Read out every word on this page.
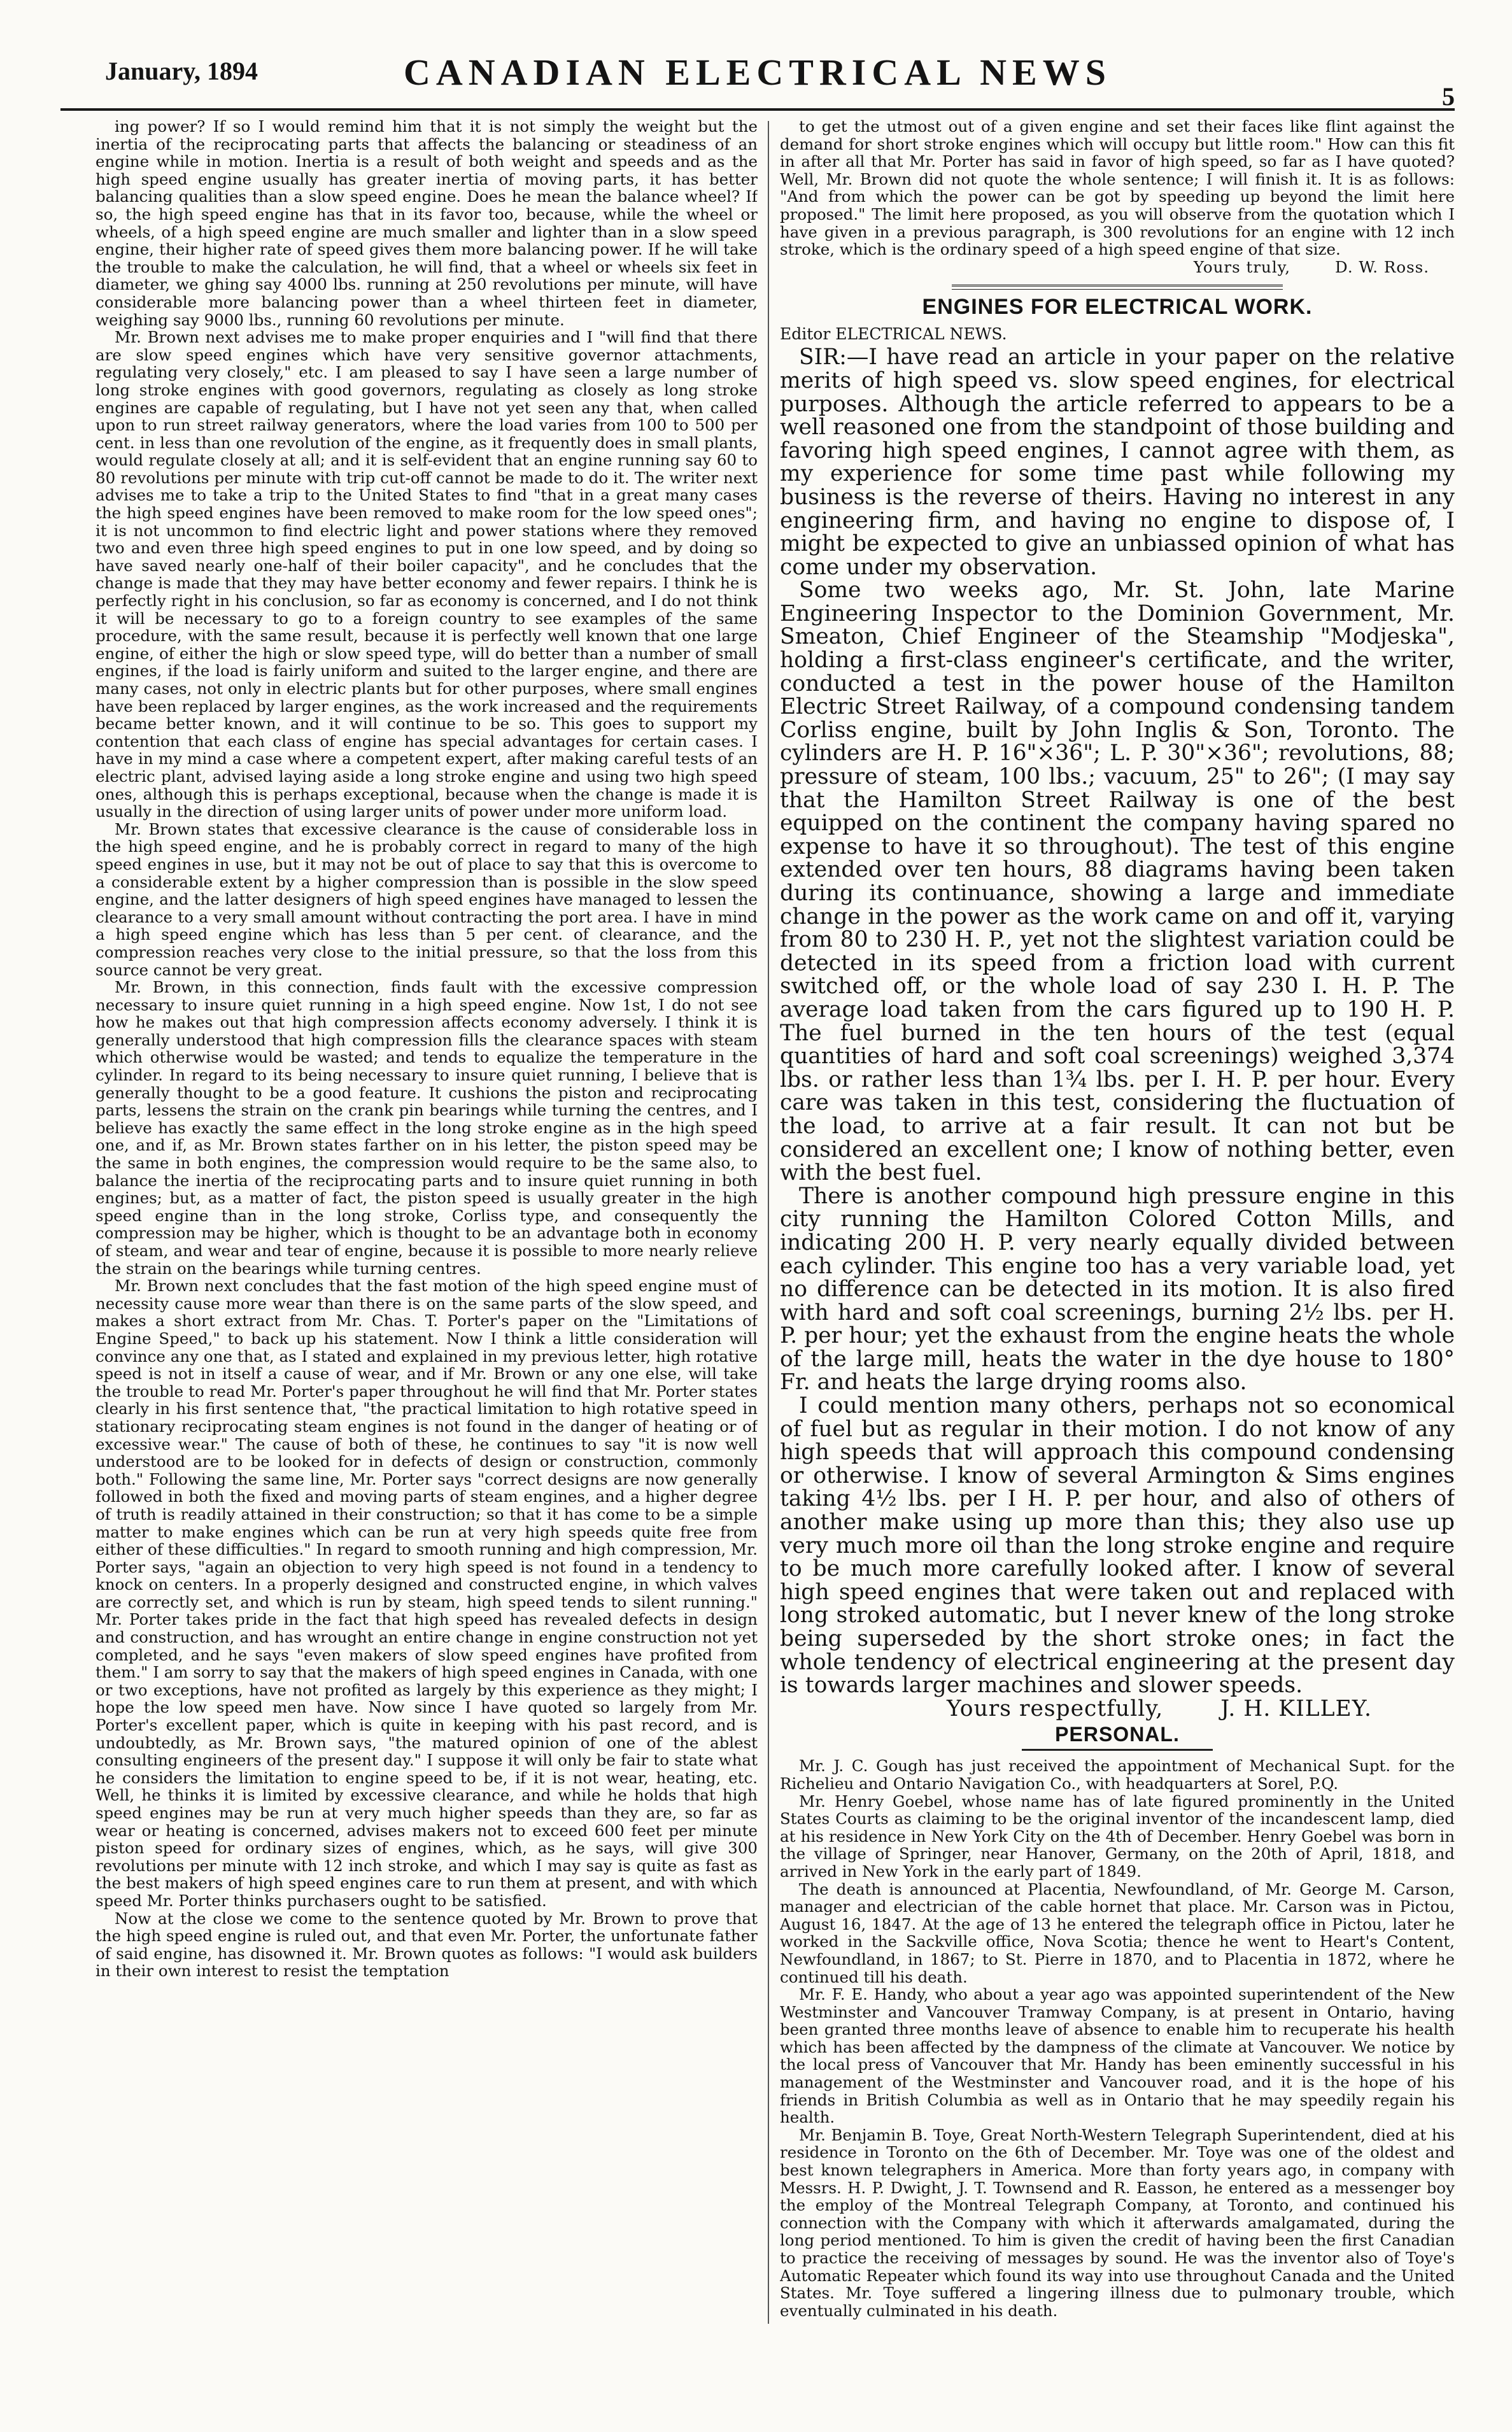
January, 1894	CANADIAN ELECTRICAL NEWS
5

ing power? If so I would remind him that it is not simply the weight but the inertia of the reciprocating parts that affects the balancing or steadiness of an engine while in motion. Inertia is a result of both weight and speeds and as the high speed engine usually has greater inertia of moving parts, it has better balancing qualities than a slow speed engine. Does he mean the balance wheel? If so, the high speed engine has that in its favor too, because, while the wheel or wheels, of a high speed engine are much smaller and lighter than in a slow speed engine, their higher rate of speed gives them more balancing power. If he will take the trouble to make the calculation, he will find, that a wheel or wheels six feet in diameter, we ghing say 4000 lbs. running at 250 revolutions per minute, will have considerable more balancing power than a wheel thirteen feet in diameter, weighing say 9000 lbs., running 60 revolutions per minute.

Mr. Brown next advises me to make proper enquiries and I "will find that there are slow speed engines which have very sensitive governor attachments, regulating very closely," etc. I am pleased to say I have seen a large number of long stroke engines with good governors, regulating as closely as long stroke engines are capable of regulating, but I have not yet seen any that, when called upon to run street railway generators, where the load varies from 100 to 500 per cent. in less than one revolution of the engine, as it frequently does in small plants, would regulate closely at all; and it is self-evident that an engine running say 60 to 80 revolutions per minute with trip cut-off cannot be made to do it. The writer next advises me to take a trip to the United States to find "that in a great many cases the high speed engines have been removed to make room for the low speed ones"; it is not uncommon to find electric light and power stations where they removed two and even three high speed engines to put in one low speed, and by doing so have saved nearly one-half of their boiler capacity", and he concludes that the change is made that they may have better economy and fewer repairs. I think he is perfectly right in his conclusion, so far as economy is concerned, and I do not think it will be necessary to go to a foreign country to see examples of the same procedure, with the same result, because it is perfectly well known that one large engine, of either the high or slow speed type, will do better than a number of small engines, if the load is fairly uniform and suited to the larger engine, and there are many cases, not only in electric plants but for other purposes, where small engines have been replaced by larger engines, as the work increased and the requirements became better known, and it will continue to be so. This goes to support my contention that each class of engine has special advantages for certain cases. I have in my mind a case where a competent expert, after making careful tests of an electric plant, advised laying aside a long stroke engine and using two high speed ones, although this is perhaps exceptional, because when the change is made it is usually in the direction of using larger units of power under more uniform load.

Mr. Brown states that excessive clearance is the cause of considerable loss in the high speed engine, and he is probably correct in regard to many of the high speed engines in use, but it may not be out of place to say that this is overcome to a considerable extent by a higher compression than is possible in the slow speed engine, and the latter designers of high speed engines have managed to lessen the clearance to a very small amount without contracting the port area. I have in mind a high speed engine which has less than 5 per cent. of clearance, and the compression reaches very close to the initial pressure, so that the loss from this source cannot be very great.

Mr. Brown, in this connection, finds fault with the excessive compression necessary to insure quiet running in a high speed engine. Now 1st, I do not see how he makes out that high compression affects economy adversely. I think it is generally understood that high compression fills the clearance spaces with steam which otherwise would be wasted; and tends to equalize the temperature in the cylinder. In regard to its being necessary to insure quiet running, I believe that is generally thought to be a good feature. It cushions the piston and reciprocating parts, lessens the strain on the crank pin bearings while turning the centres, and I believe has exactly the same effect in the long stroke engine as in the high speed one, and if, as Mr. Brown states farther on in his letter, the piston speed may be the same in both engines, the compression would require to be the same also, to balance the inertia of the reciprocating parts and to insure quiet running in both engines; but, as a matter of fact, the piston speed is usually greater in the high speed engine than in the long stroke, Corliss type, and consequently the compression may be higher, which is thought to be an advantage both in economy of steam, and wear and tear of engine, because it is possible to more nearly relieve the strain on the bearings while turning centres.

Mr. Brown next concludes that the fast motion of the high speed engine must of necessity cause more wear than there is on the same parts of the slow speed, and makes a short extract from Mr. Chas. T. Porter's paper on the "Limitations of Engine Speed," to back up his statement. Now I think a little consideration will convince any one that, as I stated and explained in my previous letter, high rotative speed is not in itself a cause of wear, and if Mr. Brown or any one else, will take the trouble to read Mr. Porter's paper throughout he will find that Mr. Porter states clearly in his first sentence that, "the practical limitation to high rotative speed in stationary reciprocating steam engines is not found in the danger of heating or of excessive wear." The cause of both of these, he continues to say "it is now well understood are to be looked for in defects of design or construction, commonly both." Following the same line, Mr. Porter says "correct designs are now generally followed in both the fixed and moving parts of steam engines, and a higher degree of truth is readily attained in their construction; so that it has come to be a simple matter to make engines which can be run at very high speeds quite free from either of these difficulties." In regard to smooth running and high compression, Mr. Porter says, "again an objection to very high speed is not found in a tendency to knock on centers. In a properly designed and constructed engine, in which valves are correctly set, and which is run by steam, high speed tends to silent running." Mr. Porter takes pride in the fact that high speed has revealed defects in design and construction, and has wrought an entire change in engine construction not yet completed, and he says "even makers of slow speed engines have profited from them." I am sorry to say that the makers of high speed engines in Canada, with one or two exceptions, have not profited as largely by this experience as they might; I hope the low speed men have. Now since I have quoted so largely from Mr. Porter's excellent paper, which is quite in keeping with his past record, and is undoubtedly, as Mr. Brown says, "the matured opinion of one of the ablest consulting engineers of the present day." I suppose it will only be fair to state what he considers the limitation to engine speed to be, if it is not wear, heating, etc. Well, he thinks it is limited by excessive clearance, and while he holds that high speed engines may be run at very much higher speeds than they are, so far as wear or heating is concerned, advises makers not to exceed 600 feet per minute piston speed for ordinary sizes of engines, which, as he says, will give 300 revolutions per minute with 12 inch stroke, and which I may say is quite as fast as the best makers of high speed engines care to run them at present, and with which speed Mr. Porter thinks purchasers ought to be satisfied.

Now at the close we come to the sentence quoted by Mr. Brown to prove that the high speed engine is ruled out, and that even Mr. Porter, the unfortunate father of said engine, has disowned it. Mr. Brown quotes as follows: "I would ask builders in their own interest to resist the temptation

to get the utmost out of a given engine and set their faces like flint against the demand for short stroke engines which will occupy but little room." How can this fit in after all that Mr. Porter has said in favor of high speed, so far as I have quoted? Well, Mr. Brown did not quote the whole sentence; I will finish it. It is as follows: "And from which the power can be got by speeding up beyond the limit here proposed." The limit here proposed, as you will observe from the quotation which I have given in a previous paragraph, is 300 revolutions for an engine with 12 inch stroke, which is the ordinary speed of a high speed engine of that size.

Yours truly,	D. W. Ross.

ENGINES FOR ELECTRICAL WORK.

Editor ELECTRICAL NEWS.

SIR:—I have read an article in your paper on the relative merits of high speed vs. slow speed engines, for electrical purposes. Although the article referred to appears to be a well reasoned one from the standpoint of those building and favoring high speed engines, I cannot agree with them, as my experience for some time past while following my business is the reverse of theirs. Having no interest in any engineering firm, and having no engine to dispose of, I might be expected to give an unbiassed opinion of what has come under my observation.

Some two weeks ago, Mr. St. John, late Marine Engineering Inspector to the Dominion Government, Mr. Smeaton, Chief Engineer of the Steamship "Modjeska", holding a first-class engineer's certificate, and the writer, conducted a test in the power house of the Hamilton Electric Street Railway, of a compound condensing tandem Corliss engine, built by John Inglis & Son, Toronto. The cylinders are H. P. 16"×36"; L. P. 30"×36"; revolutions, 88; pressure of steam, 100 lbs.; vacuum, 25" to 26"; (I may say that the Hamilton Street Railway is one of the best equipped on the continent the company having spared no expense to have it so throughout). The test of this engine extended over ten hours, 88 diagrams having been taken during its continuance, showing a large and immediate change in the power as the work came on and off it, varying from 80 to 230 H. P., yet not the slightest variation could be detected in its speed from a friction load with current switched off, or the whole load of say 230 I. H. P. The average load taken from the cars figured up to 190 H. P. The fuel burned in the ten hours of the test (equal quantities of hard and soft coal screenings) weighed 3,374 lbs. or rather less than 1¾ lbs. per I. H. P. per hour. Every care was taken in this test, considering the fluctuation of the load, to arrive at a fair result. It can not but be considered an excellent one; I know of nothing better, even with the best fuel.

There is another compound high pressure engine in this city running the Hamilton Colored Cotton Mills, and indicating 200 H. P. very nearly equally divided between each cylinder. This engine too has a very variable load, yet no difference can be detected in its motion. It is also fired with hard and soft coal screenings, burning 2½ lbs. per H. P. per hour; yet the exhaust from the engine heats the whole of the large mill, heats the water in the dye house to 180° Fr. and heats the large drying rooms also.

I could mention many others, perhaps not so economical of fuel but as regular in their motion. I do not know of any high speeds that will approach this compound condensing or otherwise. I know of several Armington & Sims engines taking 4½ lbs. per I H. P. per hour, and also of others of another make using up more than this; they also use up very much more oil than the long stroke engine and require to be much more carefully looked after. I know of several high speed engines that were taken out and replaced with long stroked automatic, but I never knew of the long stroke being superseded by the short stroke ones; in fact the whole tendency of electrical engineering at the present day is towards larger machines and slower speeds.

Yours respectfully,	J. H. KILLEY.

PERSONAL.

Mr. J. C. Gough has just received the appointment of Mechanical Supt. for the Richelieu and Ontario Navigation Co., with headquarters at Sorel, P.Q.

Mr. Henry Goebel, whose name has of late figured prominently in the United States Courts as claiming to be the original inventor of the incandescent lamp, died at his residence in New York City on the 4th of December. Henry Goebel was born in the village of Springer, near Hanover, Germany, on the 20th of April, 1818, and arrived in New York in the early part of 1849.

The death is announced at Placentia, Newfoundland, of Mr. George M. Carson, manager and electrician of the cable hornet that place. Mr. Carson was in Pictou, August 16, 1847. At the age of 13 he entered the telegraph office in Pictou, later he worked in the Sackville office, Nova Scotia; thence he went to Heart's Content, Newfoundland, in 1867; to St. Pierre in 1870, and to Placentia in 1872, where he continued till his death.

Mr. F. E. Handy, who about a year ago was appointed superintendent of the New Westminster and Vancouver Tramway Company, is at present in Ontario, having been granted three months leave of absence to enable him to recuperate his health which has been affected by the dampness of the climate at Vancouver. We notice by the local press of Vancouver that Mr. Handy has been eminently successful in his management of the Westminster and Vancouver road, and it is the hope of his friends in British Columbia as well as in Ontario that he may speedily regain his health.

Mr. Benjamin B. Toye, Great North-Western Telegraph Superintendent, died at his residence in Toronto on the 6th of December. Mr. Toye was one of the oldest and best known telegraphers in America. More than forty years ago, in company with Messrs. H. P. Dwight, J. T. Townsend and R. Easson, he entered as a messenger boy the employ of the Montreal Telegraph Company, at Toronto, and continued his connection with the Company with which it afterwards amalgamated, during the long period mentioned. To him is given the credit of having been the first Canadian to practice the receiving of messages by sound. He was the inventor also of Toye's Automatic Repeater which found its way into use throughout Canada and the United States. Mr. Toye suffered a lingering illness due to pulmonary trouble, which eventually culminated in his death.
